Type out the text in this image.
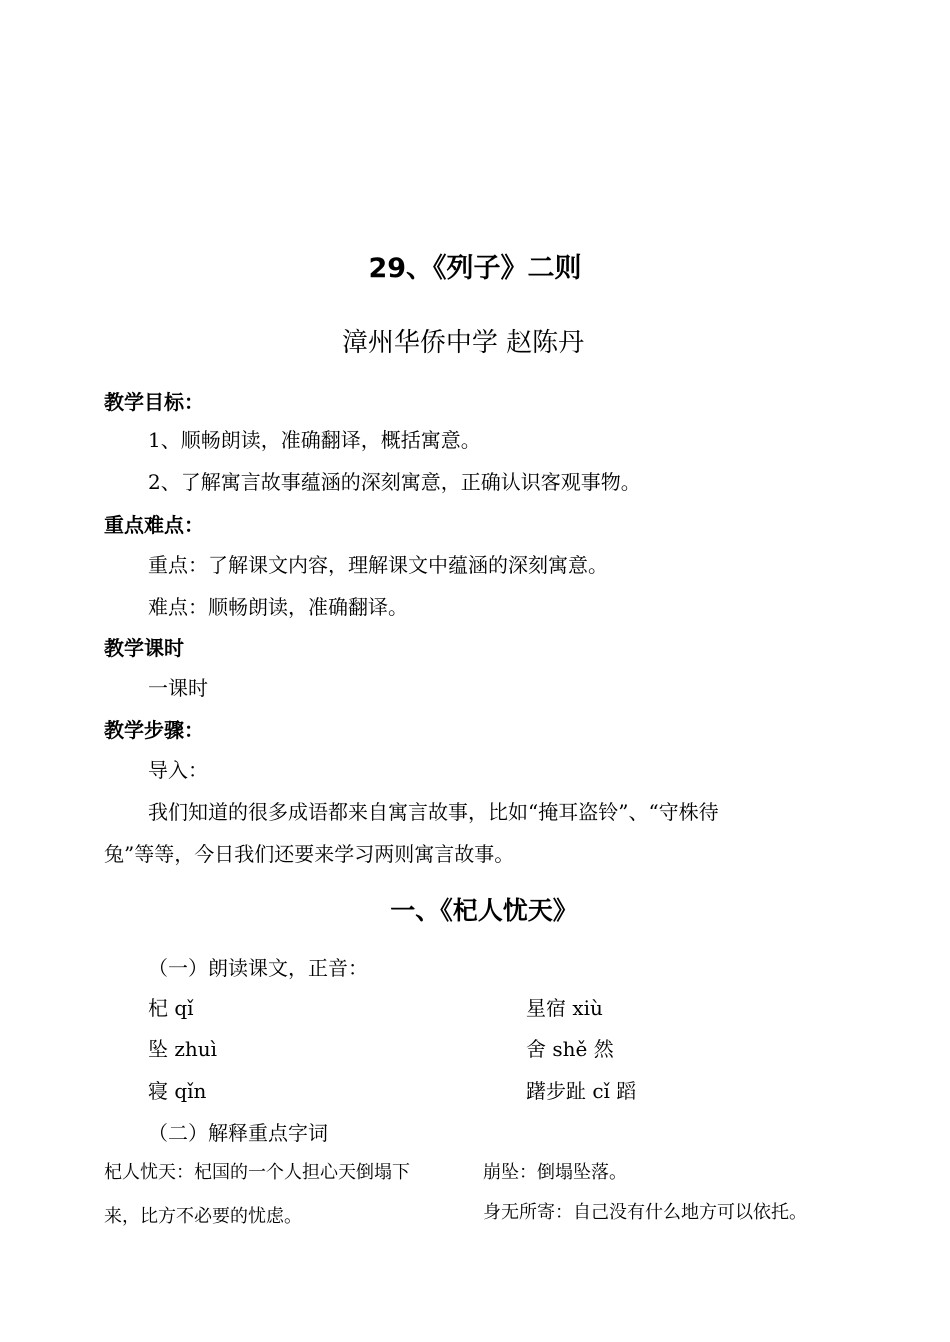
29、《列子》二则
漳州华侨中学 赵陈丹
教学目标：
1、顺畅朗读，准确翻译，概括寓意。
2、了解寓言故事蕴涵的深刻寓意，正确认识客观事物。
重点难点：
重点：了解课文内容，理解课文中蕴涵的深刻寓意。
难点：顺畅朗读，准确翻译。
教学课时
一课时
教学步骤：
导入：
我们知道的很多成语都来自寓言故事，比如“掩耳盗铃”、“守株待
兔”等等，今日我们还要来学习两则寓言故事。
一、《杞人忧天》
（一）朗读课文，正音：
杞 qǐ	星宿 xiù
坠 zhuì	舍 shě 然
寝 qǐn	躇步趾 cǐ 蹈
（二）解释重点字词
杞人忧天：杞国的一个人担心天倒塌下
来，比方不必要的忧虑。
崩坠：倒塌坠落。
身无所寄：自己没有什么地方可以依托。
